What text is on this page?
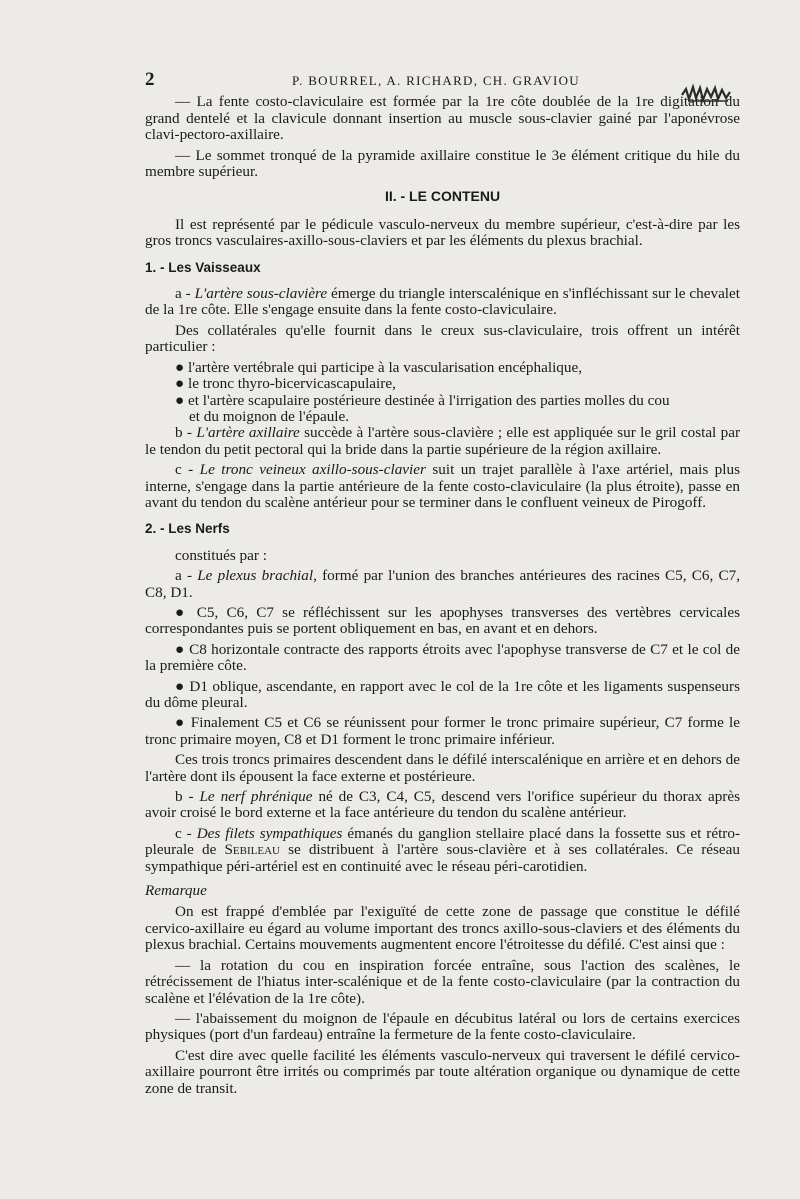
2	P. BOURREL, A. RICHARD, CH. GRAVIOU

— La fente costo-claviculaire est formée par la 1re côte doublée de la 1re digitation du grand dentelé et la clavicule donnant insertion au muscle sous-clavier gainé par l'aponévrose clavi-pectoro-axillaire.

— Le sommet tronqué de la pyramide axillaire constitue le 3e élément critique du hile du membre supérieur.

II. - LE CONTENU

Il est représenté par le pédicule vasculo-nerveux du membre supérieur, c'est-à-dire par les gros troncs vasculaires-axillo-sous-claviers et par les éléments du plexus brachial.

1. - Les Vaisseaux

a - L'artère sous-clavière émerge du triangle interscalénique en s'infléchissant sur le chevalet de la 1re côte. Elle s'engage ensuite dans la fente costo-claviculaire.

Des collatérales qu'elle fournit dans le creux sus-claviculaire, trois offrent un intérêt particulier :

● l'artère vertébrale qui participe à la vascularisation encéphalique,
● le tronc thyro-bicervicascapulaire,
● et l'artère scapulaire postérieure destinée à l'irrigation des parties molles du cou
et du moignon de l'épaule.

b - L'artère axillaire succède à l'artère sous-clavière ; elle est appliquée sur le gril costal par le tendon du petit pectoral qui la bride dans la partie supérieure de la région axillaire.

c - Le tronc veineux axillo-sous-clavier suit un trajet parallèle à l'axe artériel, mais plus interne, s'engage dans la partie antérieure de la fente costo-claviculaire (la plus étroite), passe en avant du tendon du scalène antérieur pour se terminer dans le confluent veineux de Pirogoff.

2. - Les Nerfs

constitués par :

a - Le plexus brachial, formé par l'union des branches antérieures des racines C5, C6, C7, C8, D1.

● C5, C6, C7 se réfléchissent sur les apophyses transverses des vertèbres cervicales correspondantes puis se portent obliquement en bas, en avant et en dehors.

● C8 horizontale contracte des rapports étroits avec l'apophyse transverse de C7 et le col de la première côte.

● D1 oblique, ascendante, en rapport avec le col de la 1re côte et les ligaments suspenseurs du dôme pleural.

● Finalement C5 et C6 se réunissent pour former le tronc primaire supérieur, C7 forme le tronc primaire moyen, C8 et D1 forment le tronc primaire inférieur.

Ces trois troncs primaires descendent dans le défilé interscalénique en arrière et en dehors de l'artère dont ils épousent la face externe et postérieure.

b - Le nerf phrénique né de C3, C4, C5, descend vers l'orifice supérieur du thorax après avoir croisé le bord externe et la face antérieure du tendon du scalène antérieur.

c - Des filets sympathiques émanés du ganglion stellaire placé dans la fossette sus et rétro-pleurale de Sebileau se distribuent à l'artère sous-clavière et à ses collatérales. Ce réseau sympathique péri-artériel est en continuité avec le réseau péri-carotidien.

Remarque

On est frappé d'emblée par l'exiguïté de cette zone de passage que constitue le défilé cervico-axillaire eu égard au volume important des troncs axillo-sous-claviers et des éléments du plexus brachial. Certains mouvements augmentent encore l'étroitesse du défilé. C'est ainsi que :

— la rotation du cou en inspiration forcée entraîne, sous l'action des scalènes, le rétrécissement de l'hiatus inter-scalénique et de la fente costo-claviculaire (par la contraction du scalène et l'élévation de la 1re côte).

— l'abaissement du moignon de l'épaule en décubitus latéral ou lors de certains exercices physiques (port d'un fardeau) entraîne la fermeture de la fente costo-claviculaire.

C'est dire avec quelle facilité les éléments vasculo-nerveux qui traversent le défilé cervico-axillaire pourront être irrités ou comprimés par toute altération organique ou dynamique de cette zone de transit.
